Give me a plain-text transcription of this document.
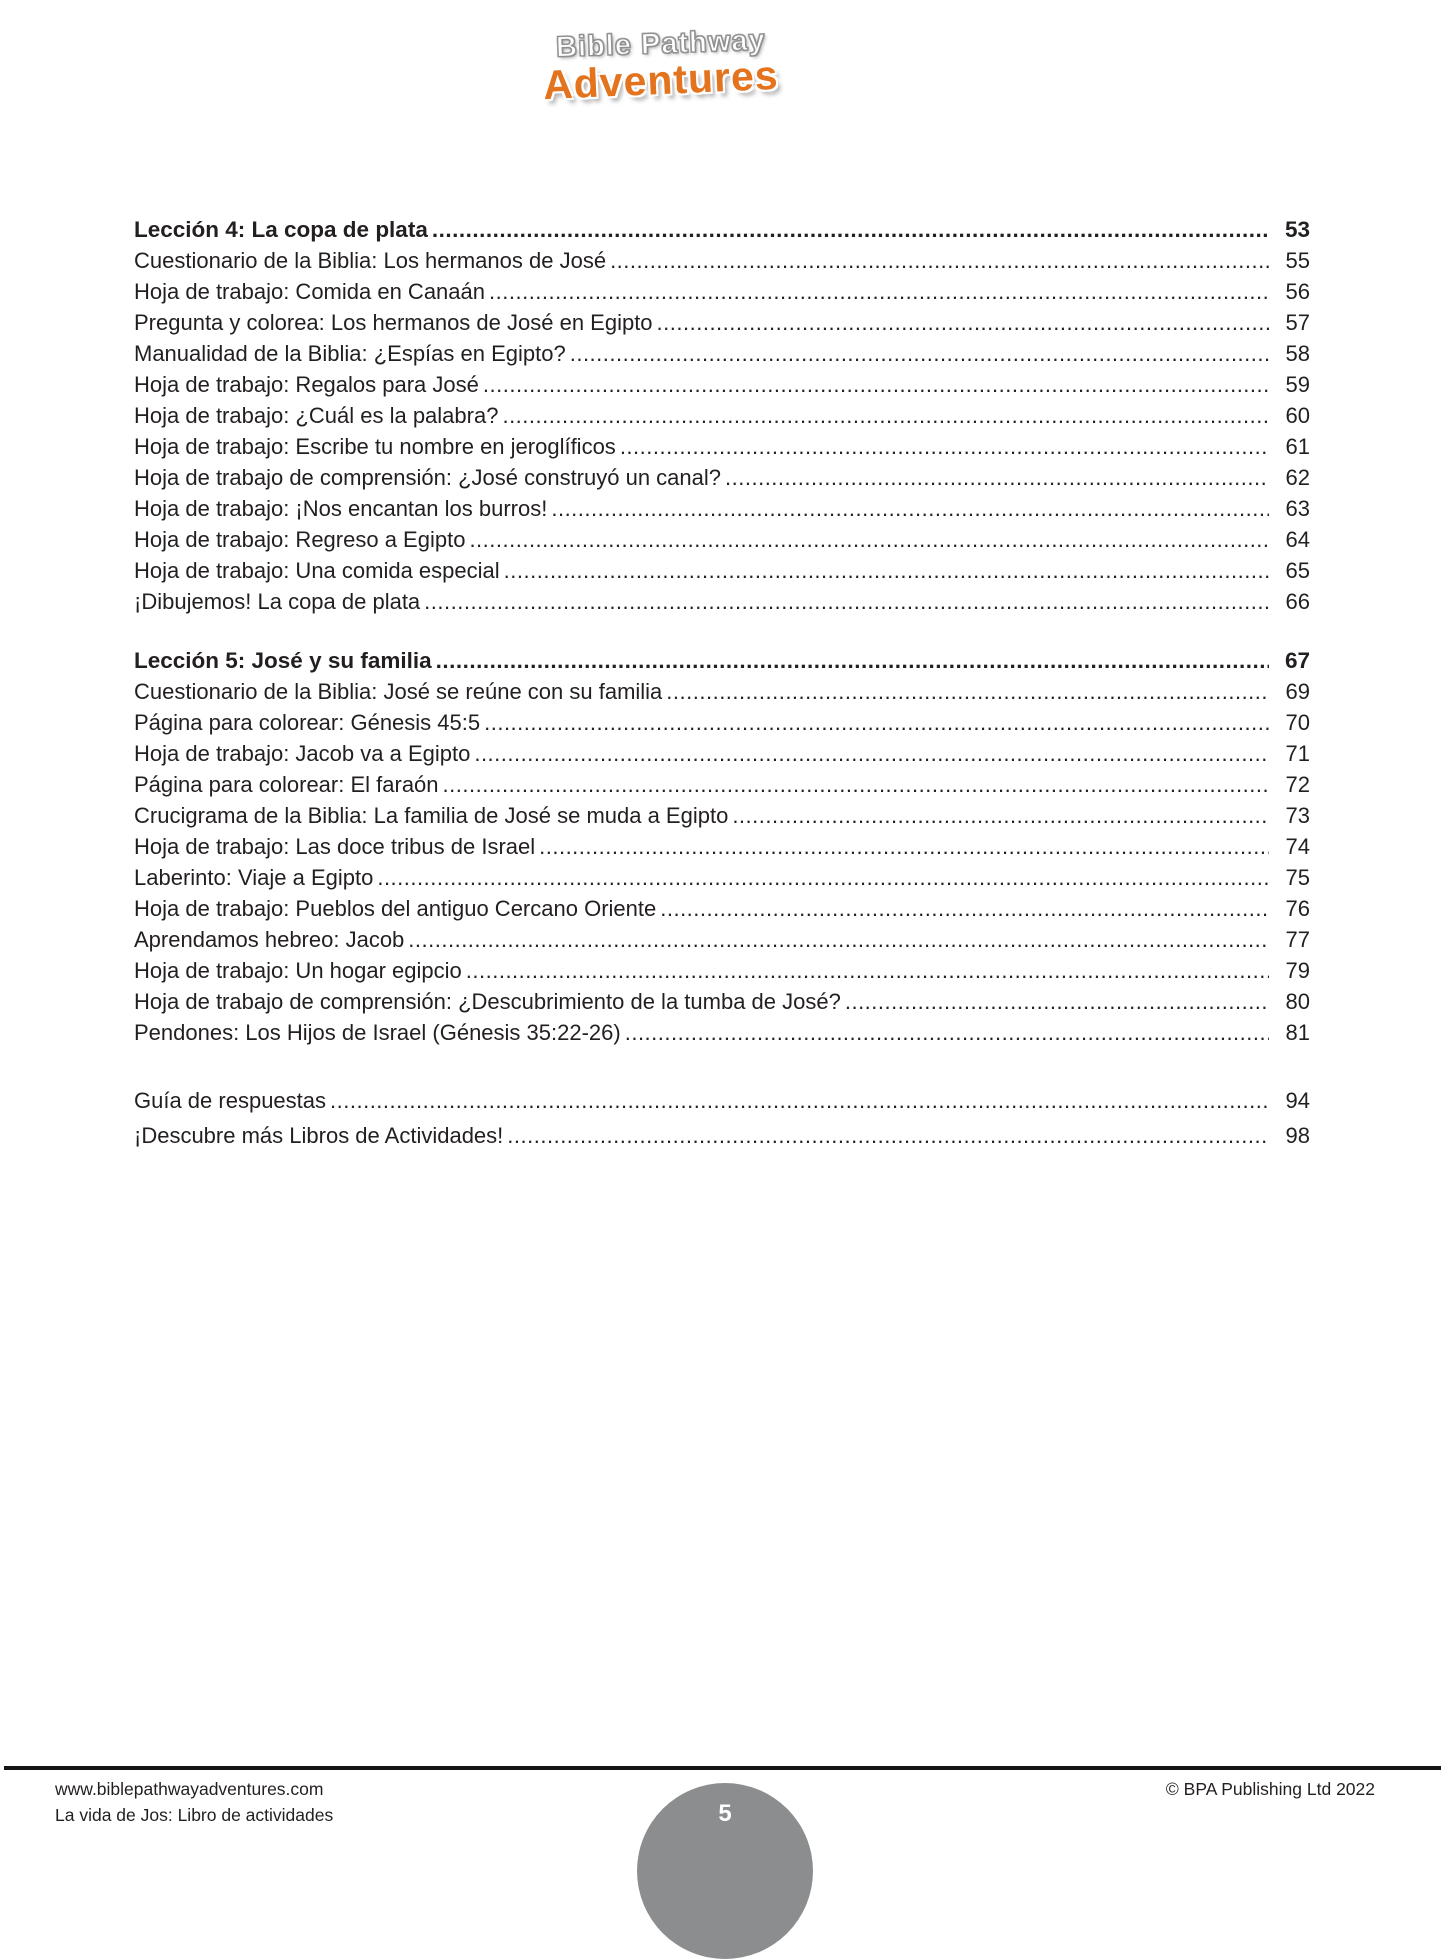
Bible Pathway
Adventures
Lección 4: La copa de plata .....	53
Cuestionario de la Biblia: Los hermanos de José .....	55
Hoja de trabajo: Comida en Canaán .....	56
Pregunta y colorea: Los hermanos de José en Egipto .....	57
Manualidad de la Biblia: ¿Espías en Egipto? .....	58
Hoja de trabajo: Regalos para José .....	59
Hoja de trabajo: ¿Cuál es la palabra? .....	60
Hoja de trabajo: Escribe tu nombre en jeroglíficos .....	61
Hoja de trabajo de comprensión: ¿José construyó un canal? .....	62
Hoja de trabajo: ¡Nos encantan los burros! .....	63
Hoja de trabajo: Regreso a Egipto .....	64
Hoja de trabajo: Una comida especial .....	65
¡Dibujemos! La copa de plata .....	66
Lección 5: José y su familia .....	67
Cuestionario de la Biblia: José se reúne con su familia .....	69
Página para colorear: Génesis 45:5 .....	70
Hoja de trabajo: Jacob va a Egipto .....	71
Página para colorear: El faraón .....	72
Crucigrama de la Biblia: La familia de José se muda a Egipto .....	73
Hoja de trabajo: Las doce tribus de Israel .....	74
Laberinto: Viaje a Egipto .....	75
Hoja de trabajo: Pueblos del antiguo Cercano Oriente .....	76
Aprendamos hebreo: Jacob .....	77
Hoja de trabajo: Un hogar egipcio .....	79
Hoja de trabajo de comprensión: ¿Descubrimiento de la tumba de José? .....	80
Pendones: Los Hijos de Israel (Génesis 35:22-26) .....	81
Guía de respuestas .....	94
¡Descubre más Libros de Actividades! .....	98
www.biblepathwayadventures.com
La vida de Jos: Libro de actividades
© BPA Publishing Ltd 2022
5
